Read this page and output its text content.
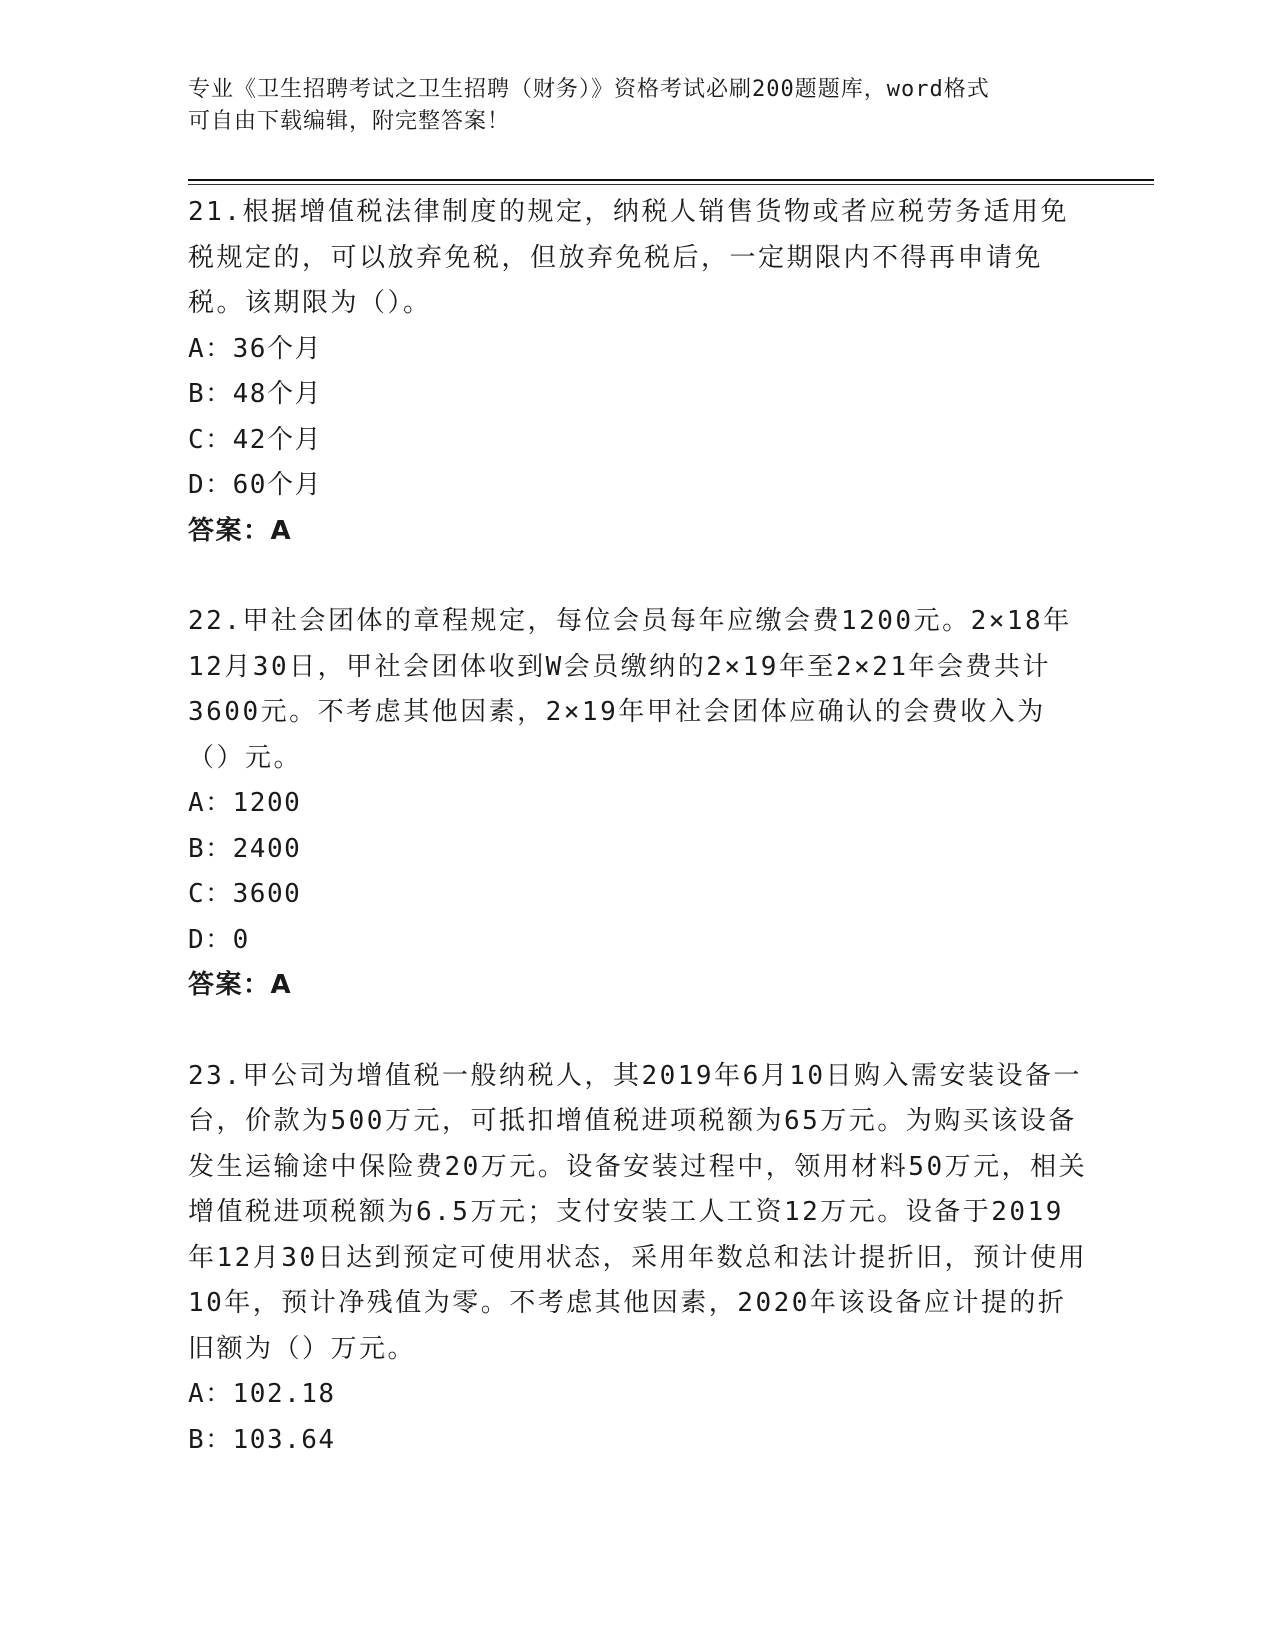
专业《卫生招聘考试之卫生招聘（财务）》资格考试必刷200题题库，word格式
可自由下载编辑，附完整答案！

21.根据增值税法律制度的规定，纳税人销售货物或者应税劳务适用免税规定的，可以放弃免税，但放弃免税后，一定期限内不得再申请免税。该期限为（）。

A：36个月

B：48个月

C：42个月

D：60个月

答案：A

22.甲社会团体的章程规定，每位会员每年应缴会费1200元。2×18年12月30日，甲社会团体收到W会员缴纳的2×19年至2×21年会费共计3600元。不考虑其他因素，2×19年甲社会团体应确认的会费收入为（）元。

A：1200

B：2400

C：3600

D：0

答案：A

23.甲公司为增值税一般纳税人，其2019年6月10日购入需安装设备一台，价款为500万元，可抵扣增值税进项税额为65万元。为购买该设备发生运输途中保险费20万元。设备安装过程中，领用材料50万元，相关增值税进项税额为6.5万元；支付安装工人工资12万元。设备于2019年12月30日达到预定可使用状态，采用年数总和法计提折旧，预计使用10年，预计净残值为零。不考虑其他因素，2020年该设备应计提的折旧额为（）万元。

A：102.18

B：103.64
